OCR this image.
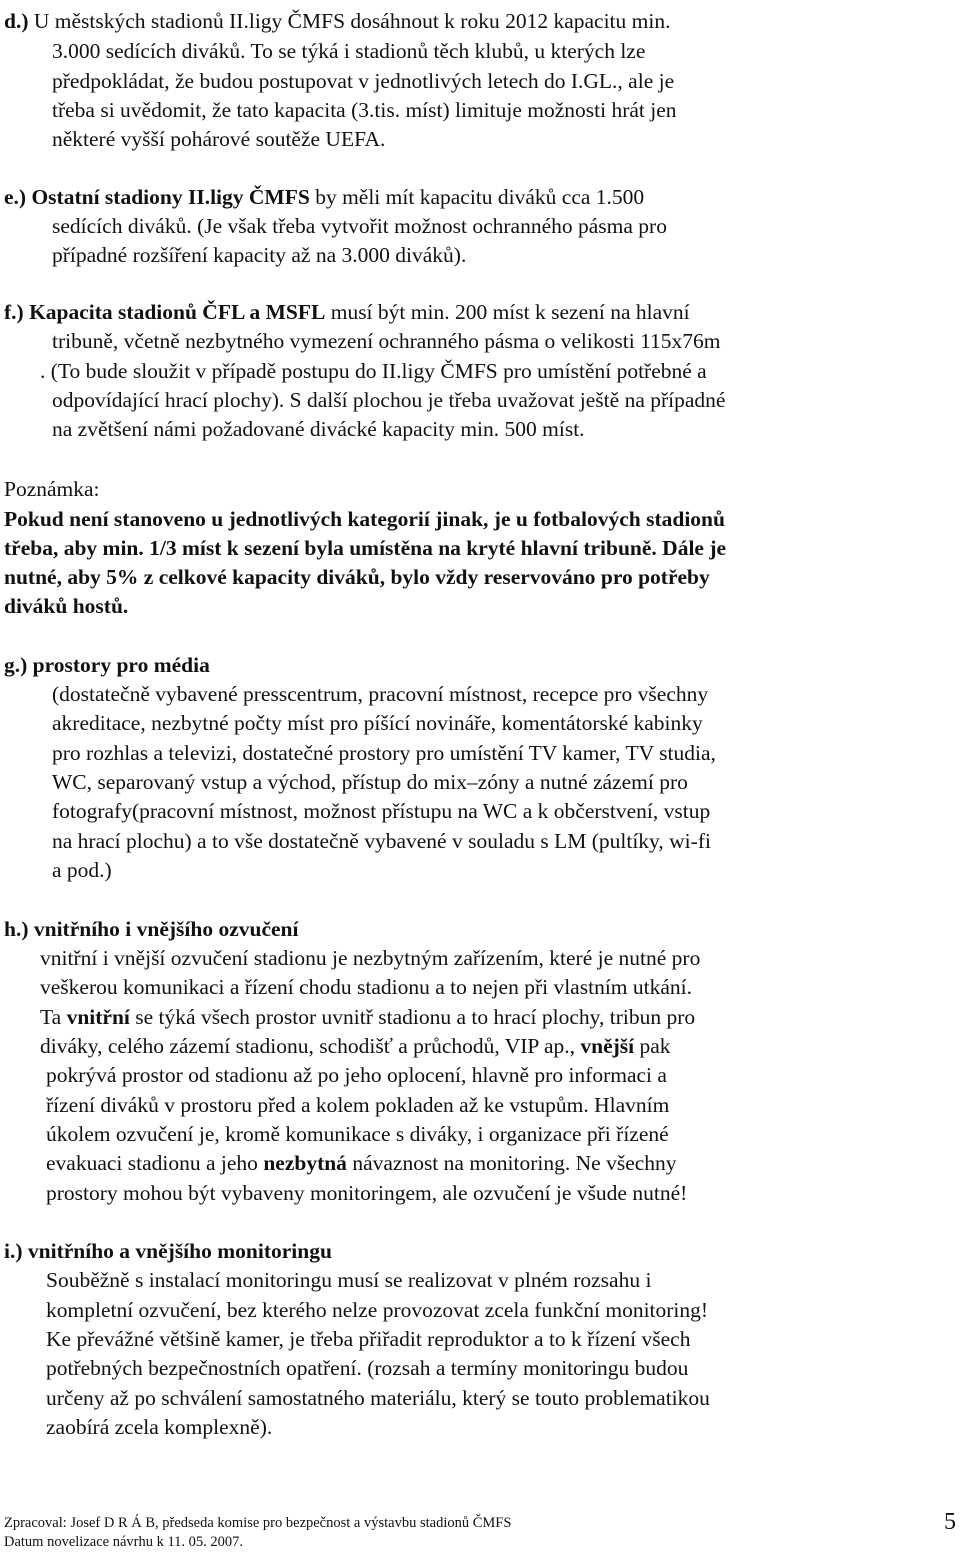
d.) U městských stadionů II.ligy ČMFS dosáhnout k roku 2012 kapacitu min.
3.000 sedících diváků. To se týká i stadionů těch klubů, u kterých lze
předpokládat, že budou postupovat v jednotlivých letech do I.GL., ale je
třeba si uvědomit, že tato kapacita (3.tis. míst) limituje možnosti hrát jen
některé vyšší pohárové soutěže UEFA.
e.) Ostatní stadiony II.ligy ČMFS by měli mít kapacitu diváků cca 1.500
sedících diváků. (Je však třeba vytvořit možnost ochranného pásma pro
případné rozšíření kapacity až na 3.000 diváků).
f.) Kapacita stadionů ČFL a MSFL musí být min. 200 míst k sezení na hlavní
tribuně, včetně nezbytného vymezení ochranného pásma o velikosti 115x76m
. (To bude sloužit v případě postupu do II.ligy ČMFS pro umístění potřebné a
odpovídající hrací plochy). S další plochou je třeba uvažovat ještě na případné
na zvětšení námi požadované divácké kapacity min. 500 míst.
Poznámka:
Pokud není stanoveno u jednotlivých kategorií jinak, je u fotbalových stadionů
třeba, aby min. 1/3 míst k sezení byla umístěna na kryté hlavní tribuně. Dále je
nutné, aby 5% z celkové kapacity diváků, bylo vždy reservováno pro potřeby
diváků hostů.
g.) prostory pro média
(dostatečně vybavené presscentrum, pracovní místnost, recepce pro všechny
akreditace, nezbytné počty míst pro píšící novináře, komentátorské kabinky
pro rozhlas a televizi, dostatečné prostory pro umístění TV kamer, TV studia,
WC, separovaný vstup a východ, přístup do mix–zóny a nutné zázemí pro
fotografy(pracovní místnost, možnost přístupu na WC a k občerstvení, vstup
na hrací plochu) a to vše dostatečně vybavené v souladu s LM (pultíky, wi-fi
a pod.)
h.) vnitřního i vnějšího ozvučení
vnitřní i vnější ozvučení stadionu je nezbytným zařízením, které je nutné pro
veškerou komunikaci a řízení chodu stadionu a to nejen při vlastním utkání.
Ta vnitřní se týká všech prostor uvnitř stadionu a to hrací plochy, tribun pro
diváky, celého zázemí stadionu, schodišť a průchodů, VIP ap., vnější pak
pokrývá prostor od stadionu až po jeho oplocení, hlavně pro informaci a
řízení diváků v prostoru před a kolem pokladen až ke vstupům. Hlavním
úkolem ozvučení je, kromě komunikace s diváky, i organizace při řízené
evakuaci stadionu a jeho nezbytná návaznost na monitoring. Ne všechny
prostory mohou být vybaveny monitoringem, ale ozvučení je všude nutné!
i.) vnitřního a vnějšího monitoringu
Souběžně s instalací monitoringu musí se realizovat v plném rozsahu i
kompletní ozvučení, bez kterého nelze provozovat zcela funkční monitoring!
Ke převážné většině kamer, je třeba přiřadit reproduktor a to k řízení všech
potřebných bezpečnostních opatření. (rozsah a termíny monitoringu budou
určeny až po schválení samostatného materiálu, který se touto problematikou
zaobírá zcela komplexně).
Zpracoval: Josef D R Á B, předseda komise pro bezpečnost a výstavbu stadionů ČMFS
Datum novelizace návrhu k 11. 05. 2007.
5
